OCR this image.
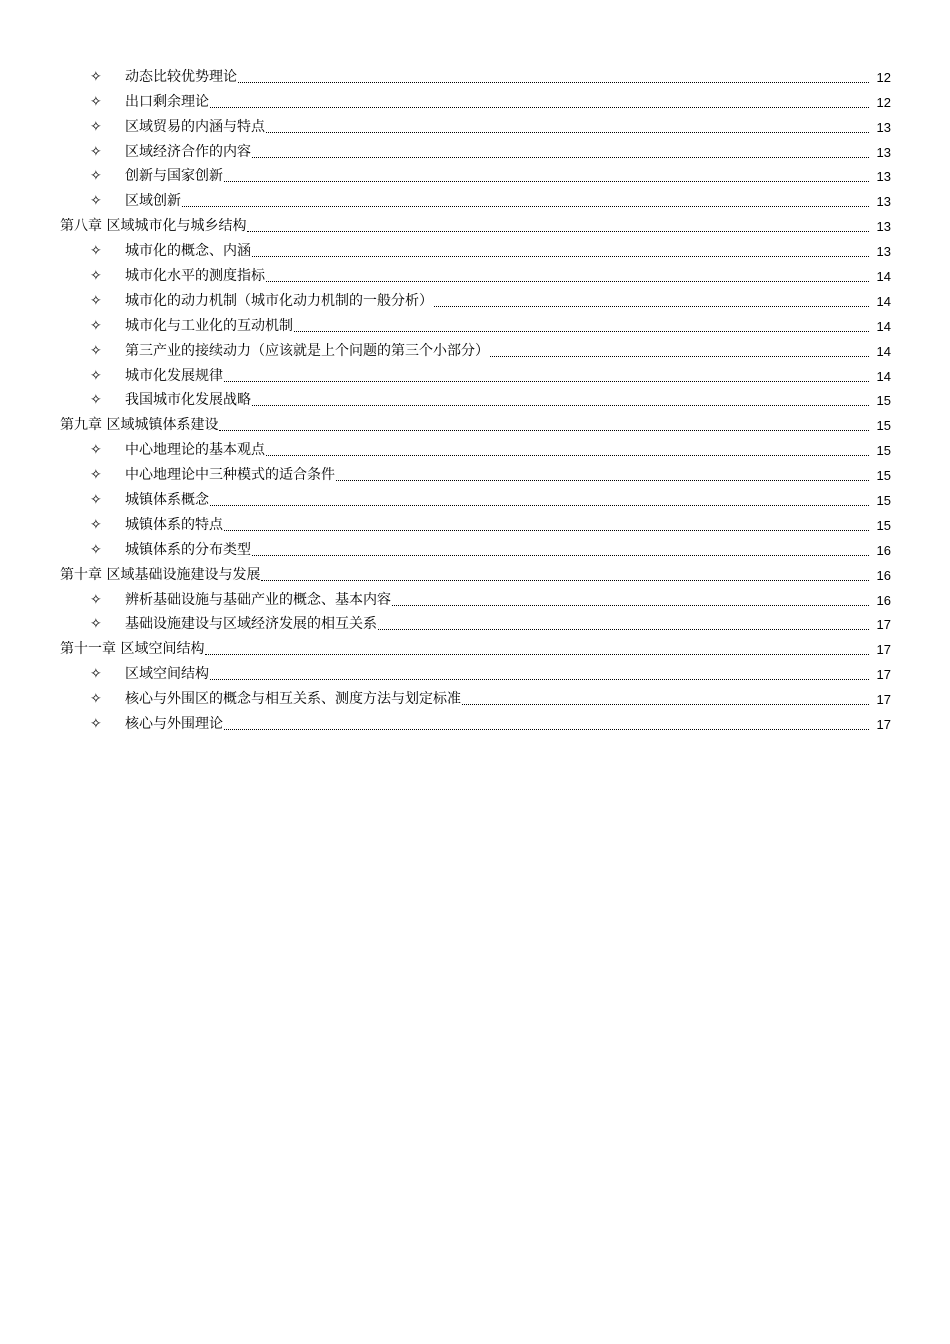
✧	动态比较优势理论	12
✧	出口剩余理论	12
✧	区域贸易的内涵与特点	13
✧	区域经济合作的内容	13
✧	创新与国家创新	13
✧	区域创新	13
第八章 区域城市化与城乡结构	13
✧	城市化的概念、内涵	13
✧	城市化水平的测度指标	14
✧	城市化的动力机制（城市化动力机制的一般分析）	14
✧	城市化与工业化的互动机制	14
✧	第三产业的接续动力（应该就是上个问题的第三个小部分）	14
✧	城市化发展规律	14
✧	我国城市化发展战略	15
第九章 区域城镇体系建设	15
✧	中心地理论的基本观点	15
✧	中心地理论中三种模式的适合条件	15
✧	城镇体系概念	15
✧	城镇体系的特点	15
✧	城镇体系的分布类型	16
第十章 区域基础设施建设与发展	16
✧	辨析基础设施与基础产业的概念、基本内容	16
✧	基础设施建设与区域经济发展的相互关系	17
第十一章 区域空间结构	17
✧	区域空间结构	17
✧	核心与外围区的概念与相互关系、测度方法与划定标准	17
✧	核心与外围理论	17
